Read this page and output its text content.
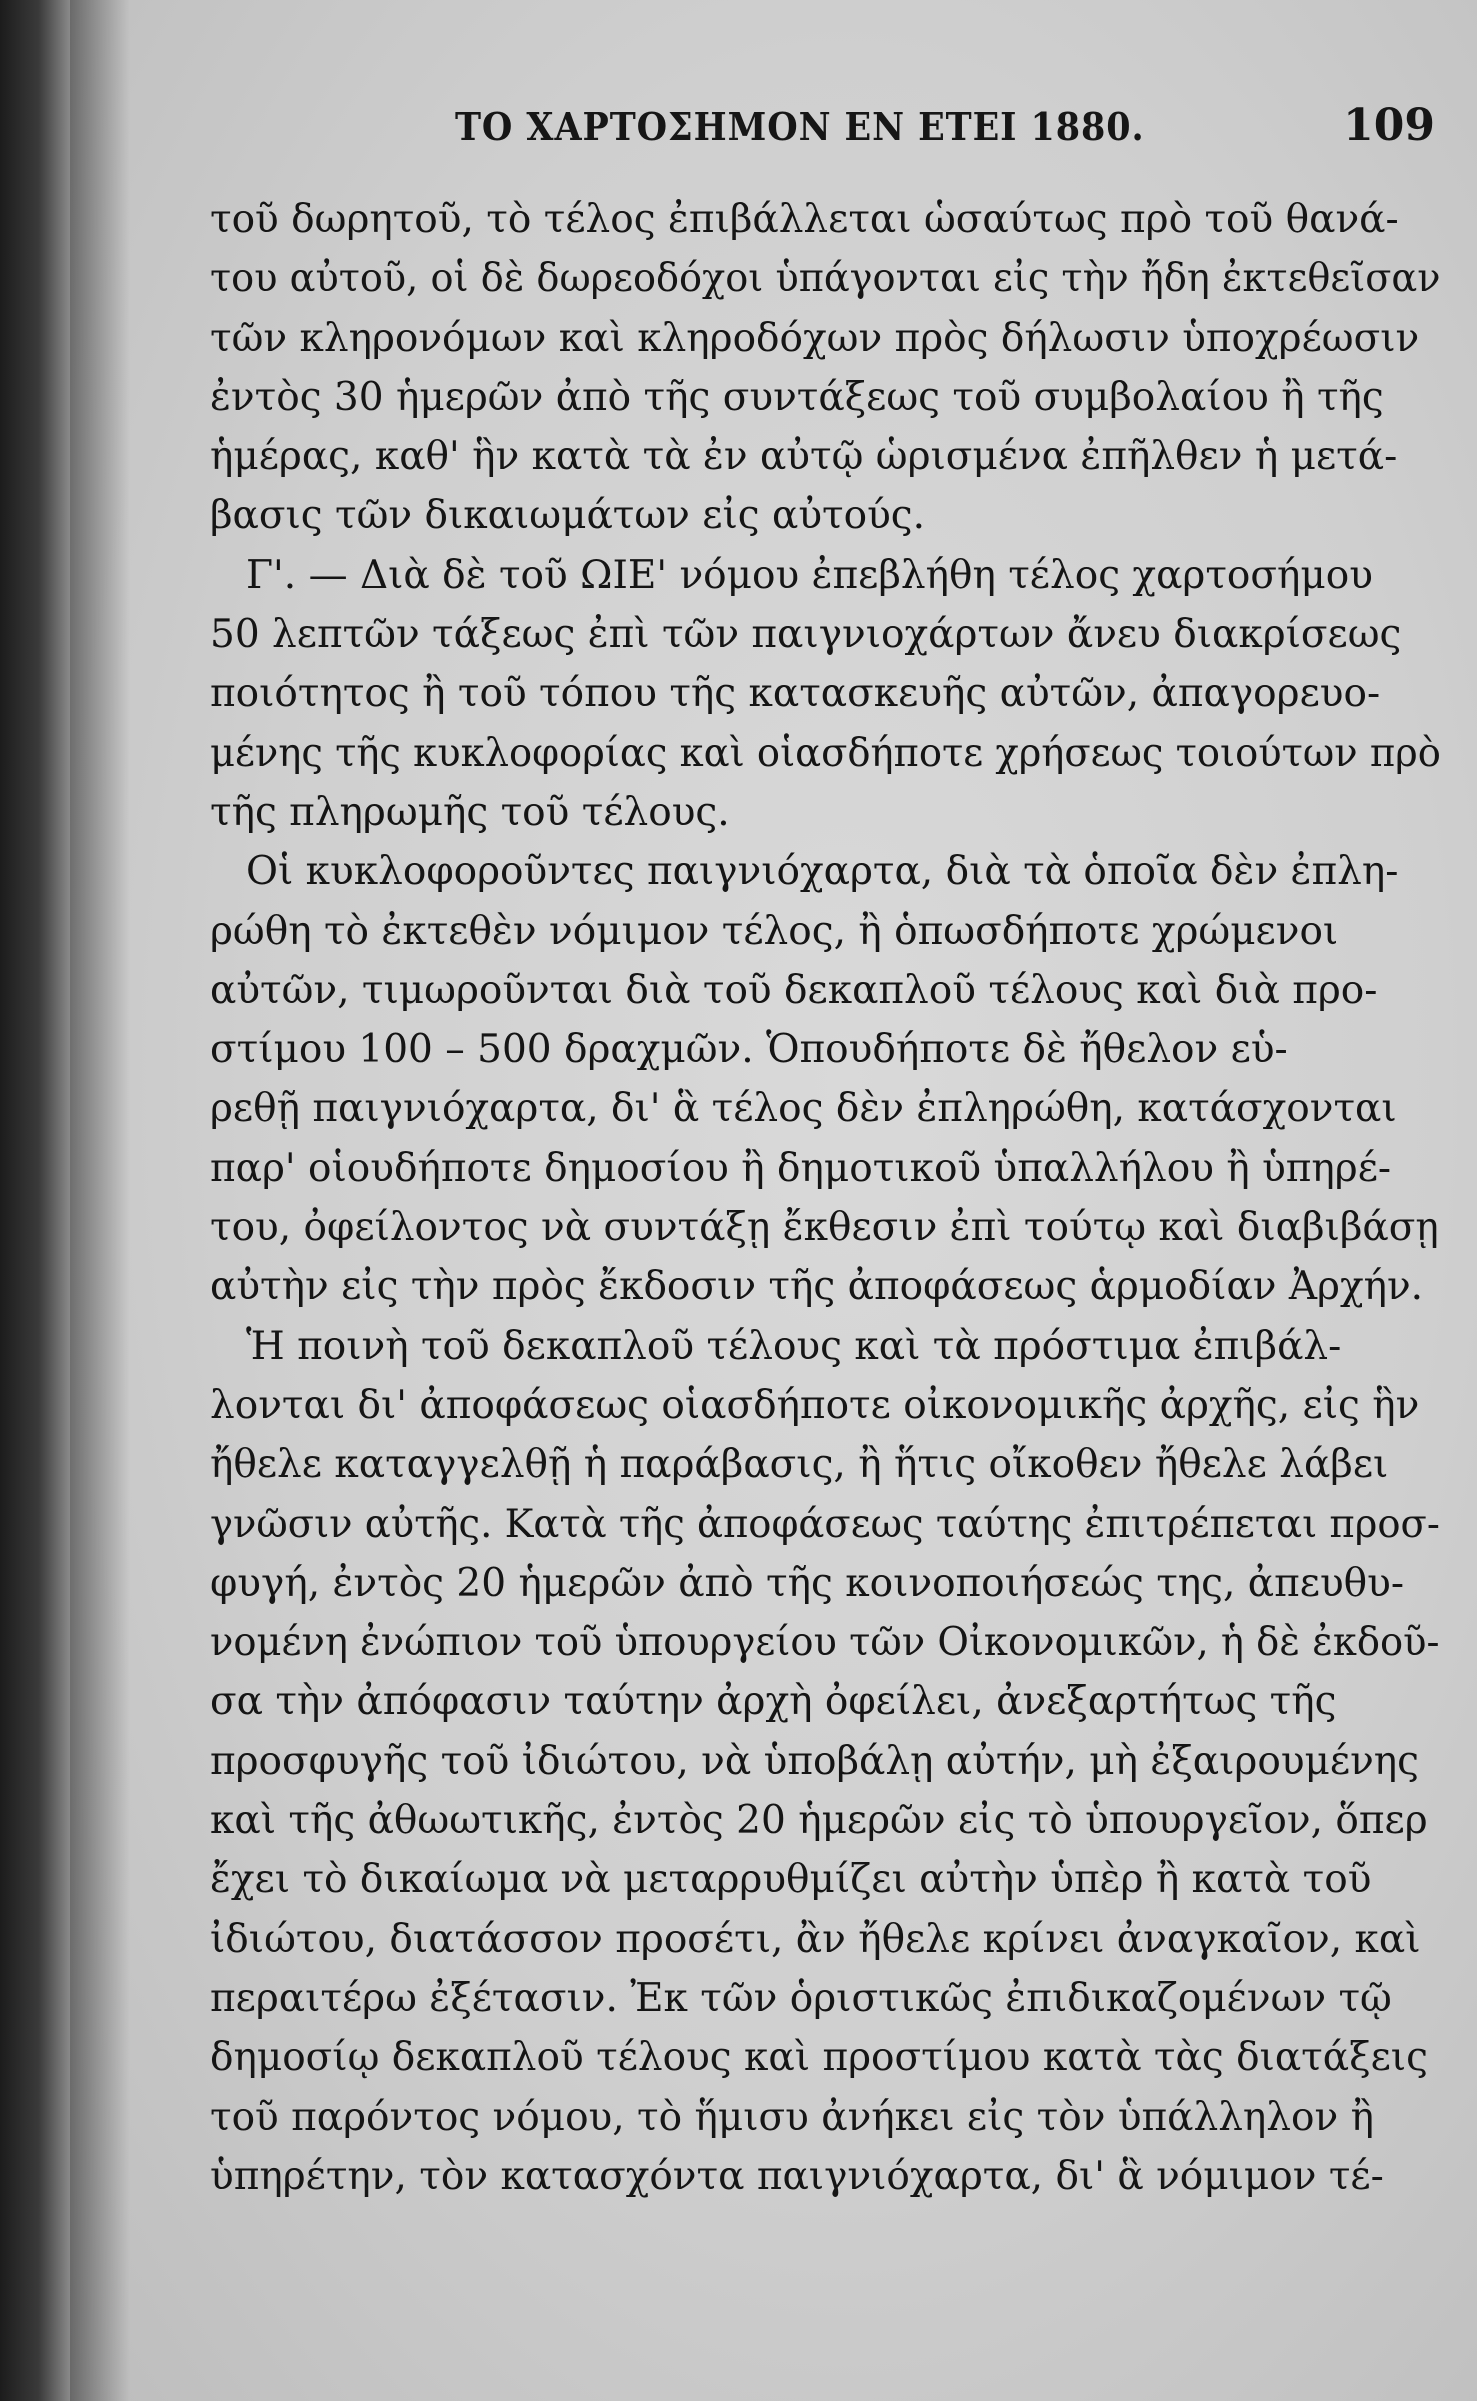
ΤΟ ΧΑΡΤΟΣΗΜΟΝ ΕΝ ΕΤΕΙ 1880.	109
τοῦ δωρητοῦ, τὸ τέλος ἐπιβάλλεται ὡσαύτως πρὸ τοῦ θανά-
του αὐτοῦ, οἱ δὲ δωρεοδόχοι ὑπάγονται εἰς τὴν ἤδη ἐκτεθεῖσαν
τῶν κληρονόμων καὶ κληροδόχων πρὸς δήλωσιν ὑποχρέωσιν
ἐντὸς 30 ἡμερῶν ἀπὸ τῆς συντάξεως τοῦ συμβολαίου ἢ τῆς
ἡμέρας, καθ' ἣν κατὰ τὰ ἐν αὐτῷ ὡρισμένα ἐπῆλθεν ἡ μετά-
βασις τῶν δικαιωμάτων εἰς αὐτούς.
Γ'. — Διὰ δὲ τοῦ ΩΙΕ' νόμου ἐπεβλήθη τέλος χαρτοσήμου
50 λεπτῶν τάξεως ἐπὶ τῶν παιγνιοχάρτων ἄνευ διακρίσεως
ποιότητος ἢ τοῦ τόπου τῆς κατασκευῆς αὐτῶν, ἀπαγορευο-
μένης τῆς κυκλοφορίας καὶ οἱασδήποτε χρήσεως τοιούτων πρὸ
τῆς πληρωμῆς τοῦ τέλους.
Οἱ κυκλοφοροῦντες παιγνιόχαρτα, διὰ τὰ ὁποῖα δὲν ἐπλη-
ρώθη τὸ ἐκτεθὲν νόμιμον τέλος, ἢ ὁπωσδήποτε χρώμενοι
αὐτῶν, τιμωροῦνται διὰ τοῦ δεκαπλοῦ τέλους καὶ διὰ προ-
στίμου 100 – 500 δραχμῶν. Ὁπουδήποτε δὲ ἤθελον εὑ-
ρεθῇ παιγνιόχαρτα, δι' ἃ τέλος δὲν ἐπληρώθη, κατάσχονται
παρ' οἱουδήποτε δημοσίου ἢ δημοτικοῦ ὑπαλλήλου ἢ ὑπηρέ-
του, ὀφείλοντος νὰ συντάξῃ ἔκθεσιν ἐπὶ τούτῳ καὶ διαβιβάσῃ
αὐτὴν εἰς τὴν πρὸς ἔκδοσιν τῆς ἀποφάσεως ἁρμοδίαν Ἀρχήν.
Ἡ ποινὴ τοῦ δεκαπλοῦ τέλους καὶ τὰ πρόστιμα ἐπιβάλ-
λονται δι' ἀποφάσεως οἱασδήποτε οἰκονομικῆς ἀρχῆς, εἰς ἣν
ἤθελε καταγγελθῇ ἡ παράβασις, ἢ ἥτις οἴκοθεν ἤθελε λάβει
γνῶσιν αὐτῆς. Κατὰ τῆς ἀποφάσεως ταύτης ἐπιτρέπεται προσ-
φυγή, ἐντὸς 20 ἡμερῶν ἀπὸ τῆς κοινοποιήσεώς της, ἀπευθυ-
νομένη ἐνώπιον τοῦ ὑπουργείου τῶν Οἰκονομικῶν, ἡ δὲ ἐκδοῦ-
σα τὴν ἀπόφασιν ταύτην ἀρχὴ ὀφείλει, ἀνεξαρτήτως τῆς
προσφυγῆς τοῦ ἰδιώτου, νὰ ὑποβάλῃ αὐτήν, μὴ ἐξαιρουμένης
καὶ τῆς ἀθωωτικῆς, ἐντὸς 20 ἡμερῶν εἰς τὸ ὑπουργεῖον, ὅπερ
ἔχει τὸ δικαίωμα νὰ μεταρρυθμίζει αὐτὴν ὑπὲρ ἢ κατὰ τοῦ
ἰδιώτου, διατάσσον προσέτι, ἂν ἤθελε κρίνει ἀναγκαῖον, καὶ
περαιτέρω ἐξέτασιν. Ἐκ τῶν ὁριστικῶς ἐπιδικαζομένων τῷ
δημοσίῳ δεκαπλοῦ τέλους καὶ προστίμου κατὰ τὰς διατάξεις
τοῦ παρόντος νόμου, τὸ ἥμισυ ἀνήκει εἰς τὸν ὑπάλληλον ἢ
ὑπηρέτην, τὸν κατασχόντα παιγνιόχαρτα, δι' ἃ νόμιμον τέ-
